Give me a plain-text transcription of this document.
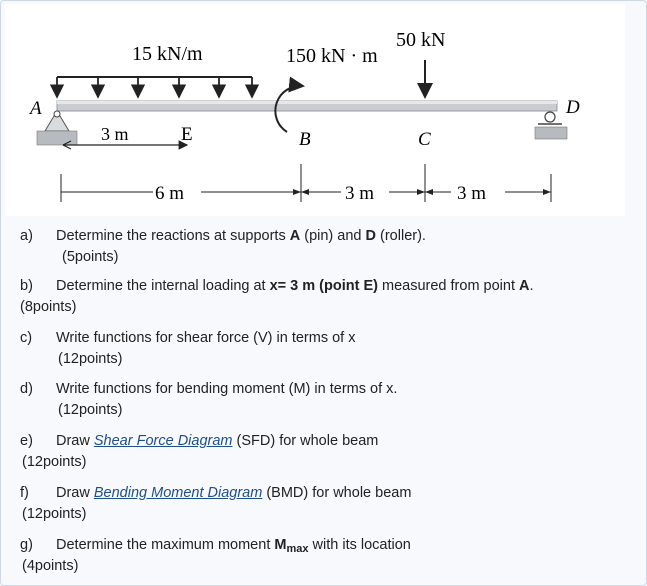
15 kN/m	150 kN · m
50 kN
A	D
3 m	E	B	C
6 m	3 m	3 m
a) Determine the reactions at supports A (pin) and D (roller).
(5points)
b) Determine the internal loading at x= 3 m (point E) measured from point A.
(8points)
c) Write functions for shear force (V) in terms of x
(12points)
d) Write functions for bending moment (M) in terms of x.
(12points)
e) Draw Shear Force Diagram (SFD) for whole beam
(12points)
f) Draw Bending Moment Diagram (BMD) for whole beam
(12points)
g) Determine the maximum moment $M_{max}$ with its location
(4points)
